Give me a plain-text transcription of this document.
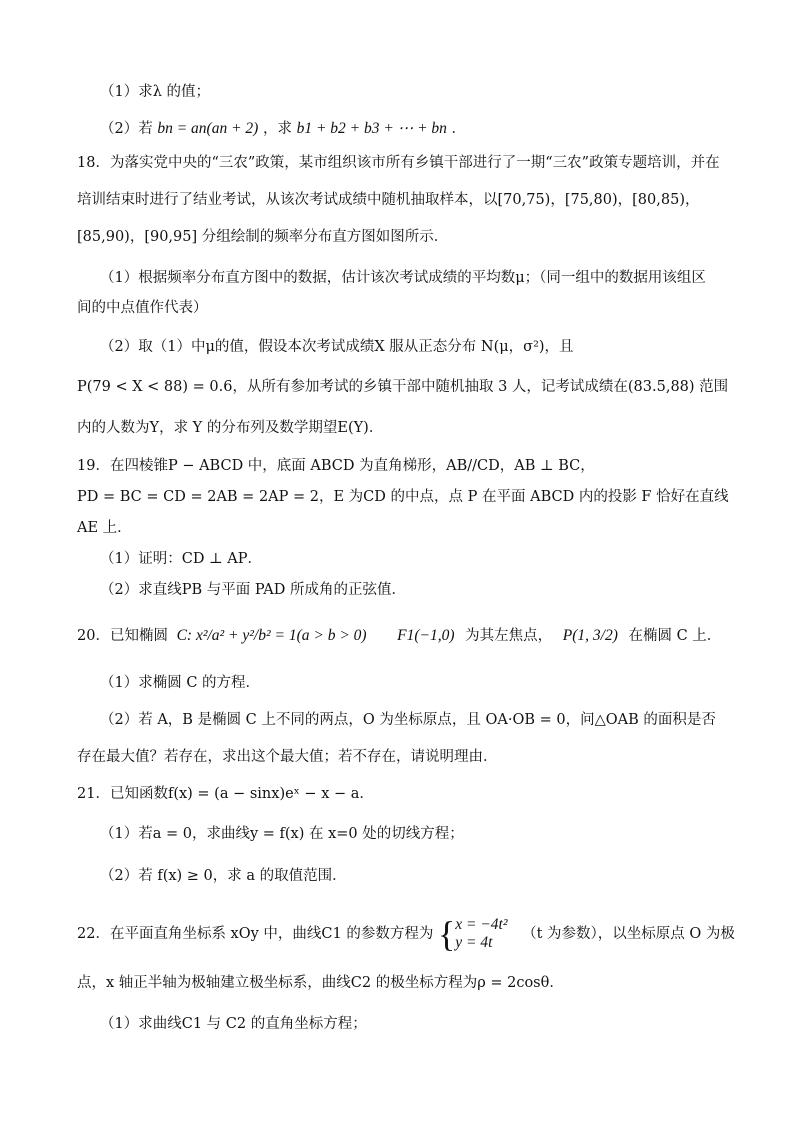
（1）求λ 的值；
（2）若 bn = an(an + 2) ，求 b1 + b2 + b3 + ⋯ + bn ．
18．为落实党中央的“三农”政策，某市组织该市所有乡镇干部进行了一期“三农”政策专题培训，并在
培训结束时进行了结业考试，从该次考试成绩中随机抽取样本，以[70,75)，[75,80)，[80,85)，
[85,90)，[90,95] 分组绘制的频率分布直方图如图所示．
（1）根据频率分布直方图中的数据，估计该次考试成绩的平均数μ；（同一组中的数据用该组区
间的中点值作代表）
（2）取（1）中μ的值，假设本次考试成绩X 服从正态分布 N(μ，σ²)，且
P(79 < X < 88) = 0.6，从所有参加考试的乡镇干部中随机抽取 3 人，记考试成绩在(83.5,88) 范围
内的人数为Y，求 Y 的分布列及数学期望E(Y)．
19．在四棱锥P − ABCD 中，底面 ABCD 为直角梯形，AB//CD，AB ⊥ BC，
PD = BC = CD = 2AB = 2AP = 2，E 为CD 的中点，点 P 在平面 ABCD 内的投影 F 恰好在直线
AE 上．
（1）证明：CD ⊥ AP．
（2）求直线PB 与平面 PAD 所成角的正弦值．
20．已知椭圆 C: x²/a² + y²/b² = 1(a > b > 0) F1(−1,0) 为其左焦点， P(1, 3/2) 在椭圆 C 上．
（1）求椭圆 C 的方程．
（2）若 A，B 是椭圆 C 上不同的两点，O 为坐标原点，且 OA·OB = 0，问△OAB 的面积是否
存在最大值？若存在，求出这个最大值；若不存在，请说明理由．
21．已知函数f(x) = (a − sinx)eˣ − x − a．
（1）若a = 0，求曲线y = f(x) 在 x=0 处的切线方程；
（2）若 f(x) ≥ 0，求 a 的取值范围．
22．在平面直角坐标系 xOy 中，曲线C1 的参数方程为 { x = −4t²
y = 4t	（t 为参数），以坐标原点 O 为极
点，x 轴正半轴为极轴建立极坐标系，曲线C2 的极坐标方程为ρ = 2cosθ．
（1）求曲线C1 与 C2 的直角坐标方程；
